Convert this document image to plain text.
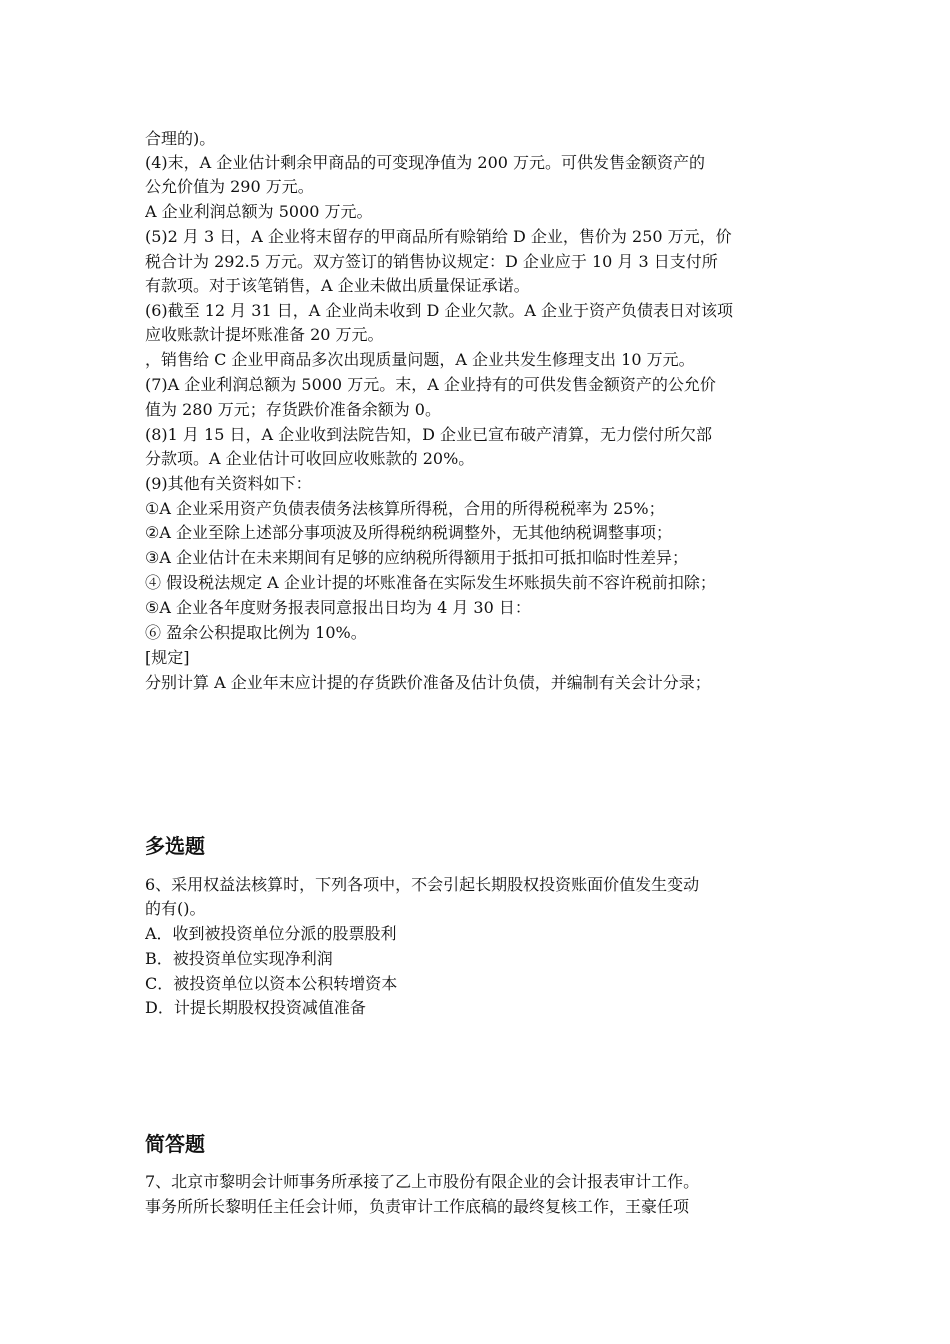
合理的)。
(4)末，A 企业估计剩余甲商品的可变现净值为 200 万元。可供发售金额资产的
公允价值为 290 万元。
A 企业利润总额为 5000 万元。
(5)2 月 3 日，A 企业将末留存的甲商品所有赊销给 D 企业，售价为 250 万元，价
税合计为 292.5 万元。双方签订的销售协议规定：D 企业应于 10 月 3 日支付所
有款项。对于该笔销售，A 企业未做出质量保证承诺。
(6)截至 12 月 31 日，A 企业尚未收到 D 企业欠款。A 企业于资产负债表日对该项
应收账款计提坏账准备 20 万元。
，销售给 C 企业甲商品多次出现质量问题，A 企业共发生修理支出 10 万元。
(7)A 企业利润总额为 5000 万元。末，A 企业持有的可供发售金额资产的公允价
值为 280 万元；存货跌价准备余额为 0。
(8)1 月 15 日，A 企业收到法院告知，D 企业已宣布破产清算，无力偿付所欠部
分款项。A 企业估计可收回应收账款的 20%。
(9)其他有关资料如下：
①A 企业采用资产负债表债务法核算所得税，合用的所得税税率为 25%；
②A 企业至除上述部分事项波及所得税纳税调整外，无其他纳税调整事项；
③A 企业估计在未来期间有足够的应纳税所得额用于抵扣可抵扣临时性差异；
④ 假设税法规定 A 企业计提的坏账准备在实际发生坏账损失前不容许税前扣除；
⑤A 企业各年度财务报表同意报出日均为 4 月 30 日：
⑥ 盈余公积提取比例为 10%。
[规定]
分别计算 A 企业年末应计提的存货跌价准备及估计负债，并编制有关会计分录；
多选题
6、采用权益法核算时，下列各项中，不会引起长期股权投资账面价值发生变动
的有()。
A．收到被投资单位分派的股票股利
B．被投资单位实现净利润
C．被投资单位以资本公积转增资本
D．计提长期股权投资减值准备
简答题
7、北京市黎明会计师事务所承接了乙上市股份有限企业的会计报表审计工作。
事务所所长黎明任主任会计师，负责审计工作底稿的最终复核工作，王豪任项
